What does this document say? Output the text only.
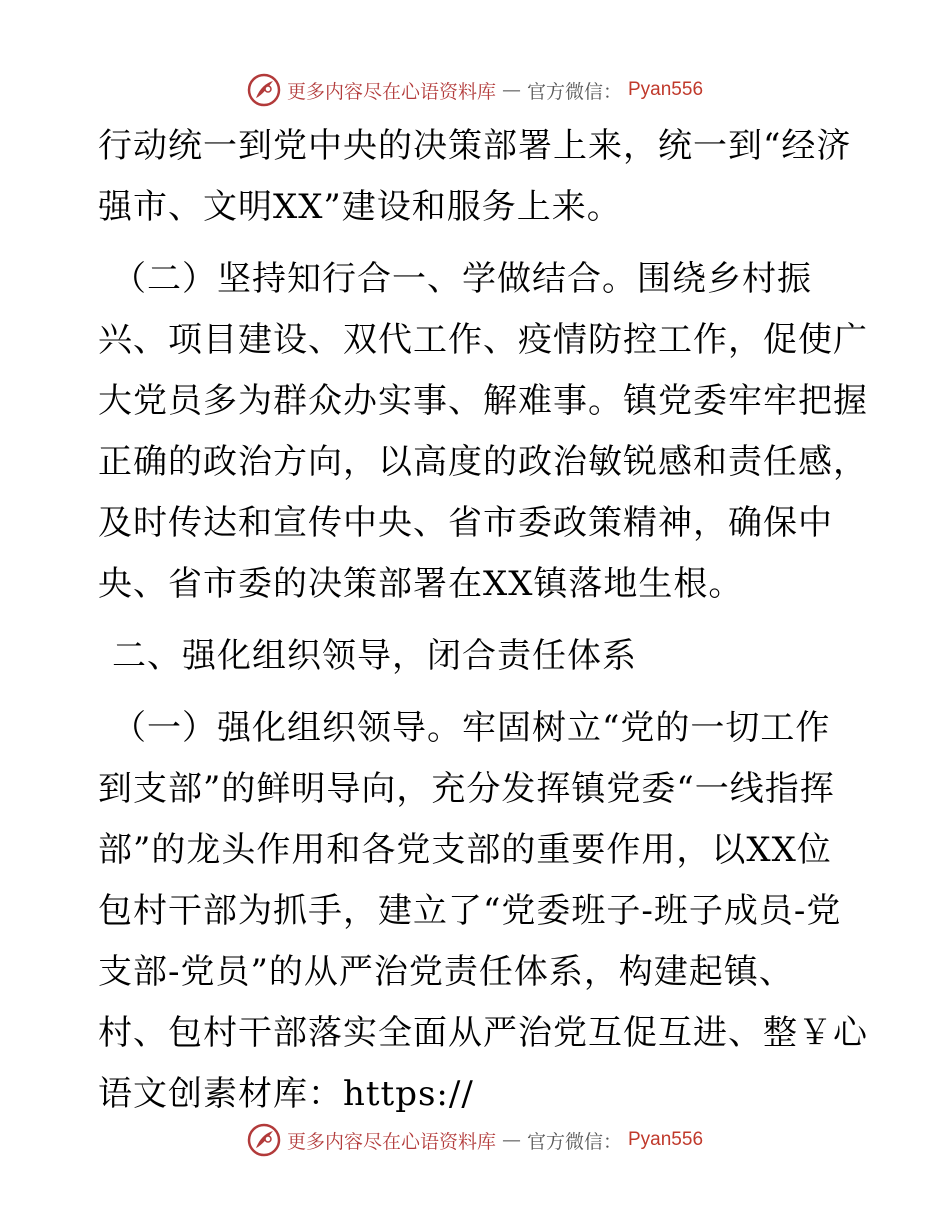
更多内容尽在心语资料库 — 官方微信： Pyan556
行动统一到党中央的决策部署上来，统一到“经济
强市、文明XX”建设和服务上来。
（二）坚持知行合一、学做结合。围绕乡村振
兴、项目建设、双代工作、疫情防控工作，促使广
大党员多为群众办实事、解难事。镇党委牢牢把握
正确的政治方向，以高度的政治敏锐感和责任感，
及时传达和宣传中央、省市委政策精神，确保中
央、省市委的决策部署在XX镇落地生根。
二、强化组织领导，闭合责任体系
（一）强化组织领导。牢固树立“党的一切工作
到支部”的鲜明导向，充分发挥镇党委“一线指挥
部”的龙头作用和各党支部的重要作用，以XX位
包村干部为抓手，建立了“党委班子-班子成员-党
支部-党员”的从严治党责任体系，构建起镇、
村、包村干部落实全面从严治党互促互进、整￥心
语文创素材库：https://
更多内容尽在心语资料库 — 官方微信： Pyan556
